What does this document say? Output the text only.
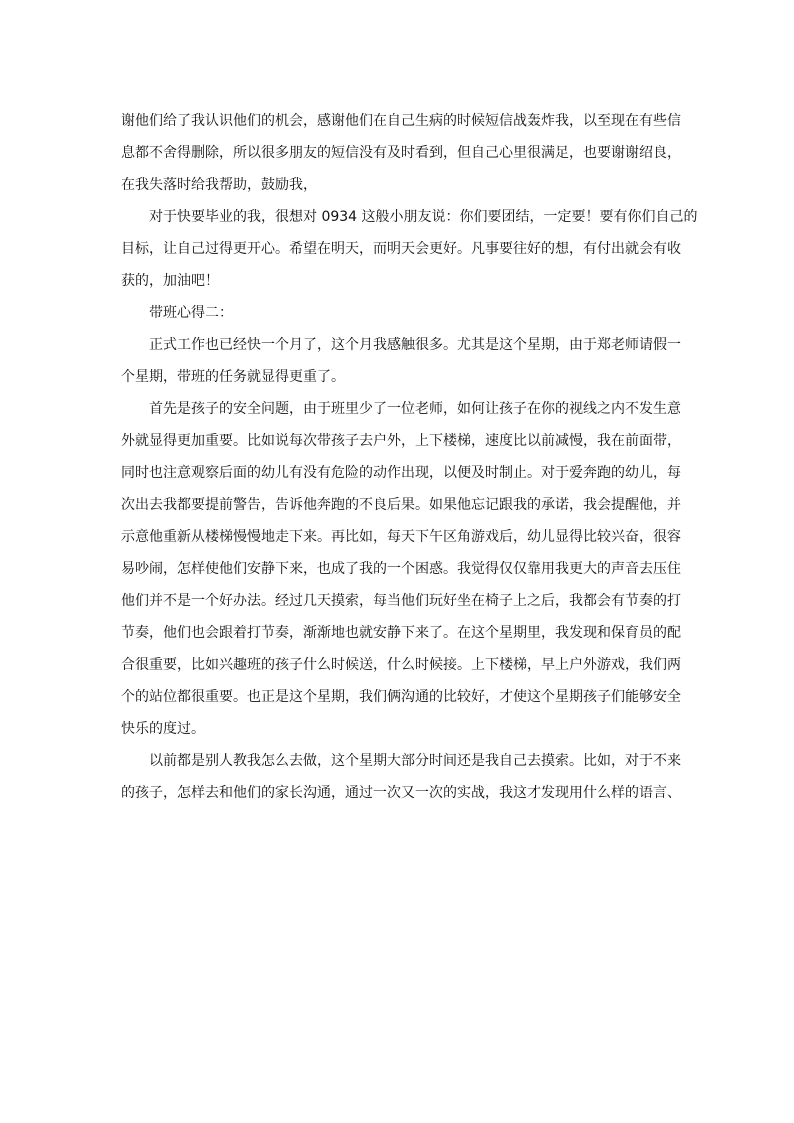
谢他们给了我认识他们的机会，感谢他们在自己生病的时候短信战轰炸我，以至现在有些信
息都不舍得删除，所以很多朋友的短信没有及时看到，但自己心里很满足，也要谢谢绍良，
在我失落时给我帮助，鼓励我，
对于快要毕业的我，很想对 0934 这般小朋友说：你们要团结，一定要！要有你们自己的
目标，让自己过得更开心。希望在明天，而明天会更好。凡事要往好的想，有付出就会有收
获的，加油吧！
带班心得二：
正式工作也已经快一个月了，这个月我感触很多。尤其是这个星期，由于郑老师请假一
个星期，带班的任务就显得更重了。
首先是孩子的安全问题，由于班里少了一位老师，如何让孩子在你的视线之内不发生意
外就显得更加重要。比如说每次带孩子去户外，上下楼梯，速度比以前减慢，我在前面带，
同时也注意观察后面的幼儿有没有危险的动作出现，以便及时制止。对于爱奔跑的幼儿，每
次出去我都要提前警告，告诉他奔跑的不良后果。如果他忘记跟我的承诺，我会提醒他，并
示意他重新从楼梯慢慢地走下来。再比如，每天下午区角游戏后，幼儿显得比较兴奋，很容
易吵闹，怎样使他们安静下来，也成了我的一个困惑。我觉得仅仅靠用我更大的声音去压住
他们并不是一个好办法。经过几天摸索，每当他们玩好坐在椅子上之后，我都会有节奏的打
节奏，他们也会跟着打节奏，渐渐地也就安静下来了。在这个星期里，我发现和保育员的配
合很重要，比如兴趣班的孩子什么时候送，什么时候接。上下楼梯，早上户外游戏，我们两
个的站位都很重要。也正是这个星期，我们俩沟通的比较好，才使这个星期孩子们能够安全
快乐的度过。
以前都是别人教我怎么去做，这个星期大部分时间还是我自己去摸索。比如，对于不来
的孩子，怎样去和他们的家长沟通，通过一次又一次的实战，我这才发现用什么样的语言、
